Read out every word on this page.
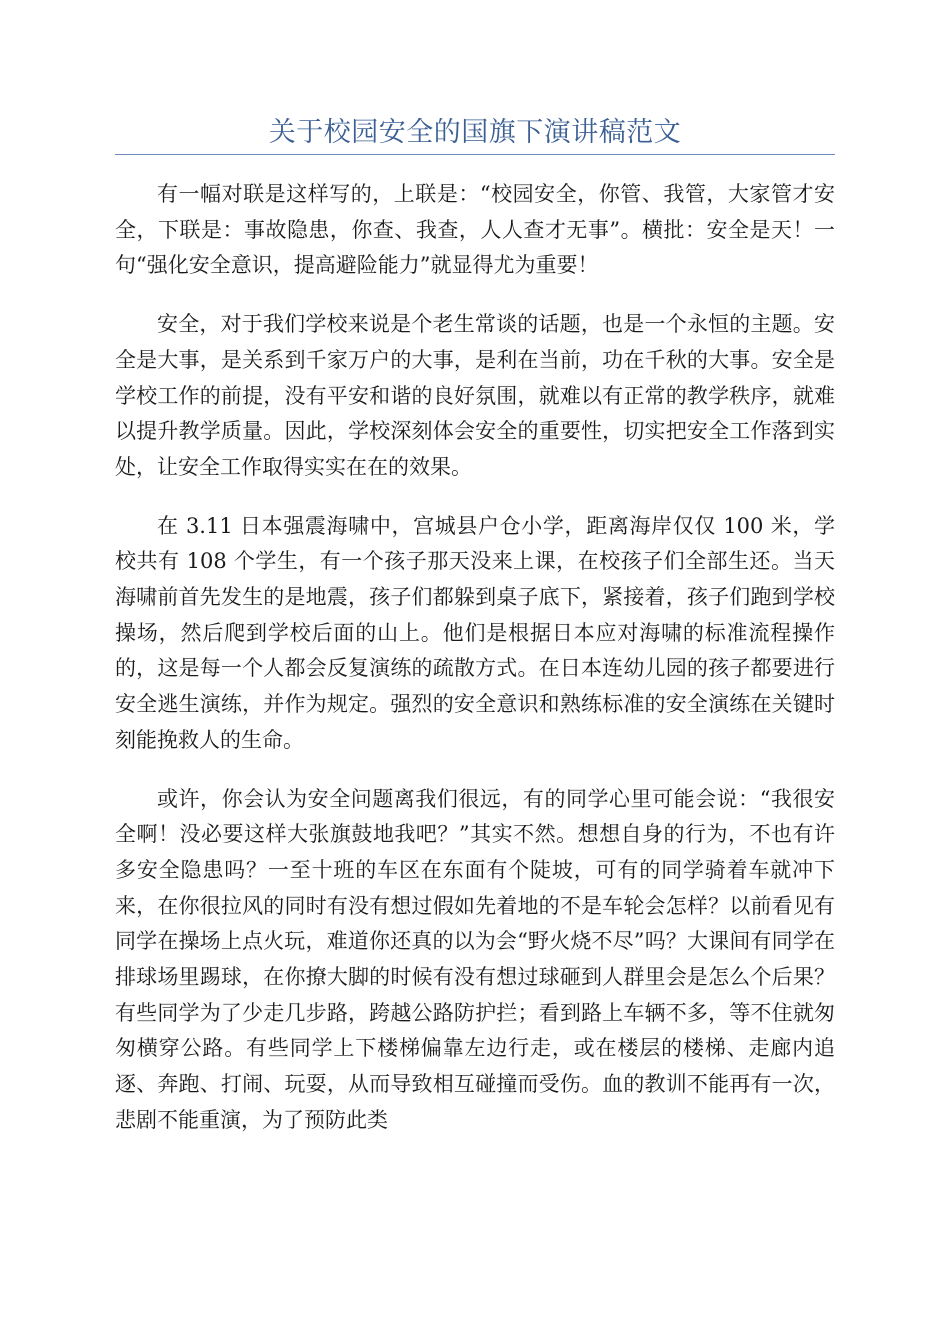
关于校园安全的国旗下演讲稿范文

有一幅对联是这样写的，上联是：“校园安全，你管、我管，大家管才安全，下联是：事故隐患，你查、我查，人人查才无事”。横批：安全是天！一句“强化安全意识，提高避险能力”就显得尤为重要！

安全，对于我们学校来说是个老生常谈的话题，也是一个永恒的主题。安全是大事，是关系到千家万户的大事，是利在当前，功在千秋的大事。安全是学校工作的前提，没有平安和谐的良好氛围，就难以有正常的教学秩序，就难以提升教学质量。因此，学校深刻体会安全的重要性，切实把安全工作落到实处，让安全工作取得实实在在的效果。

在 3.11 日本强震海啸中，宫城县户仓小学，距离海岸仅仅 100 米，学校共有 108 个学生，有一个孩子那天没来上课，在校孩子们全部生还。当天海啸前首先发生的是地震，孩子们都躲到桌子底下，紧接着，孩子们跑到学校操场，然后爬到学校后面的山上。他们是根据日本应对海啸的标准流程操作的，这是每一个人都会反复演练的疏散方式。在日本连幼儿园的孩子都要进行安全逃生演练，并作为规定。强烈的安全意识和熟练标准的安全演练在关键时刻能挽救人的生命。

或许，你会认为安全问题离我们很远，有的同学心里可能会说：“我很安全啊！没必要这样大张旗鼓地我吧？”其实不然。想想自身的行为，不也有许多安全隐患吗？一至十班的车区在东面有个陡坡，可有的同学骑着车就冲下来，在你很拉风的同时有没有想过假如先着地的不是车轮会怎样？以前看见有同学在操场上点火玩，难道你还真的以为会“野火烧不尽”吗？大课间有同学在排球场里踢球，在你撩大脚的时候有没有想过球砸到人群里会是怎么个后果？有些同学为了少走几步路，跨越公路防护拦；看到路上车辆不多，等不住就匆匆横穿公路。有些同学上下楼梯偏靠左边行走，或在楼层的楼梯、走廊内追逐、奔跑、打闹、玩耍，从而导致相互碰撞而受伤。血的教训不能再有一次，悲剧不能重演，为了预防此类
